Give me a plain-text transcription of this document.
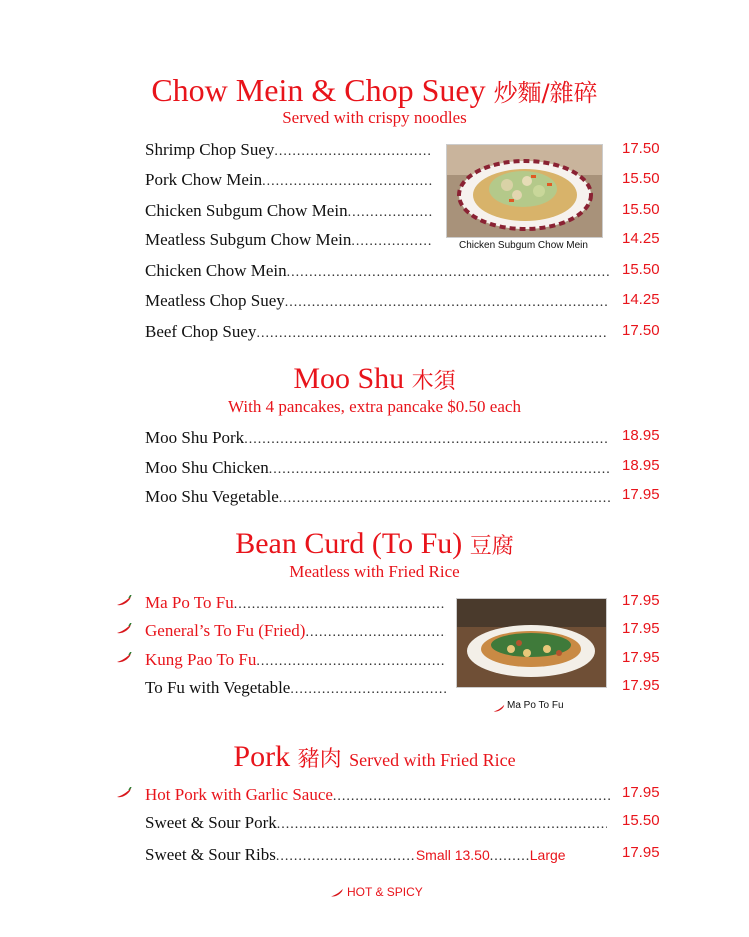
Chow Mein & Chop Suey 炒麵/雜碎
Served with crispy noodles
Shrimp Chop Suey .....	17.50
Pork Chow Mein .....	15.50
Chicken Subgum Chow Mein .....	15.50
Meatless Subgum Chow Mein .....	14.25
Chicken Chow Mein .....	15.50
Meatless Chop Suey .....	14.25
Beef Chop Suey .....	17.50
Chicken Subgum Chow Mein
Moo Shu 木須
With 4 pancakes, extra pancake $0.50 each
Moo Shu Pork .....	18.95
Moo Shu Chicken .....	18.95
Moo Shu Vegetable .....	17.95
Bean Curd (To Fu) 豆腐
Meatless with Fried Rice
Ma Po To Fu .....	17.95
General’s To Fu (Fried) .....	17.95
Kung Pao To Fu .....	17.95
To Fu with Vegetable .....	17.95
Ma Po To Fu
Pork 豬肉 Served with Fried Rice
Hot Pork with Garlic Sauce .....	17.95
Sweet & Sour Pork .....	15.50
Sweet & Sour Ribs .....	Small 13.50 .....	Large	17.95
HOT & SPICY
